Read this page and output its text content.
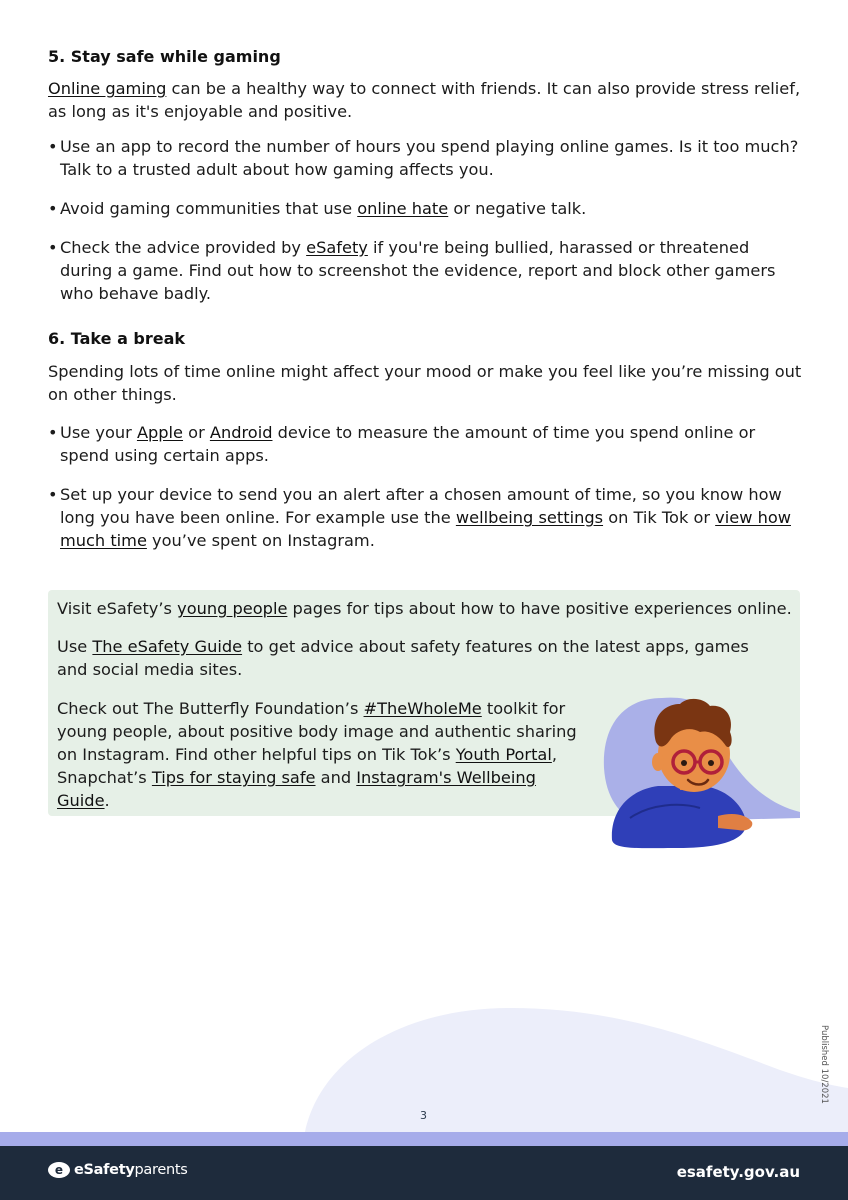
5. Stay safe while gaming

Online gaming can be a healthy way to connect with friends. It can also provide stress relief, as long as it's enjoyable and positive.

• Use an app to record the number of hours you spend playing online games. Is it too much? Talk to a trusted adult about how gaming affects you.

• Avoid gaming communities that use online hate or negative talk.

• Check the advice provided by eSafety if you're being bullied, harassed or threatened during a game. Find out how to screenshot the evidence, report and block other gamers who behave badly.

6. Take a break

Spending lots of time online might affect your mood or make you feel like you’re missing out on other things.

• Use your Apple or Android device to measure the amount of time you spend online or spend using certain apps.

• Set up your device to send you an alert after a chosen amount of time, so you know how long you have been online. For example use the wellbeing settings on Tik Tok or view how much time you’ve spent on Instagram.

Visit eSafety’s young people pages for tips about how to have positive experiences online.

Use The eSafety Guide to get advice about safety features on the latest apps, games and social media sites.

Check out The Butterfly Foundation’s #TheWholeMe toolkit for young people, about positive body image and authentic sharing on Instagram. Find other helpful tips on Tik Tok’s Youth Portal, Snapchat’s Tips for staying safe and Instagram's Wellbeing Guide.

3
Published 10/2021
e eSafetyparents	esafety.gov.au
